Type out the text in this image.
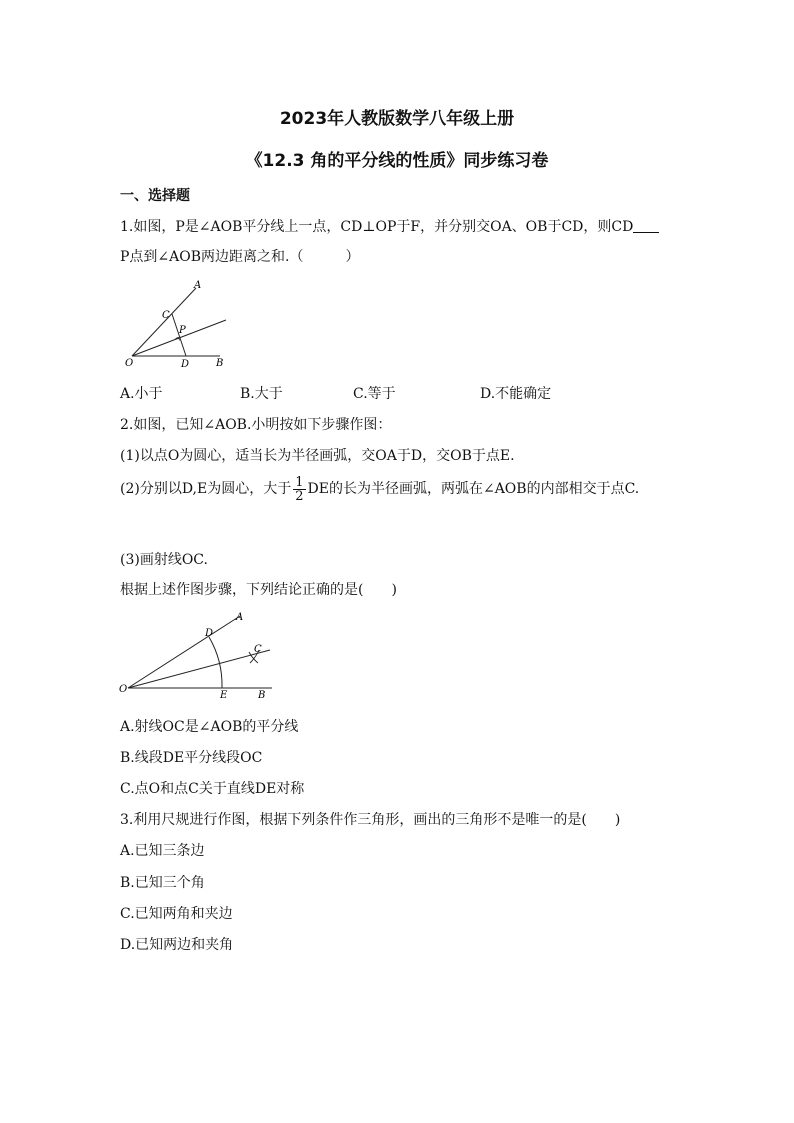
2023年人教版数学八年级上册
《12.3 角的平分线的性质》同步练习卷
一、选择题
1.如图，P是∠AOB平分线上一点，CD⊥OP于F，并分别交OA、OB于CD，则CD
P点到∠AOB两边距离之和.（　　　）
A
C
P
O	D	B
A.小于	B.大于	C.等于	D.不能确定
2.如图，已知∠AOB.小明按如下步骤作图：
(1)以点O为圆心，适当长为半径画弧，交OA于D，交OB于点E.
(2)分别以D,E为圆心，大于 $\frac{1}{2}$ DE的长为半径画弧，两弧在∠AOB的内部相交于点C.
(3)画射线OC.
根据上述作图步骤，下列结论正确的是(　　)
A
D
C
O
E	B
A.射线OC是∠AOB的平分线
B.线段DE平分线段OC
C.点O和点C关于直线DE对称
3.利用尺规进行作图，根据下列条件作三角形，画出的三角形不是唯一的是(　　)
A.已知三条边
B.已知三个角
C.已知两角和夹边
D.已知两边和夹角
